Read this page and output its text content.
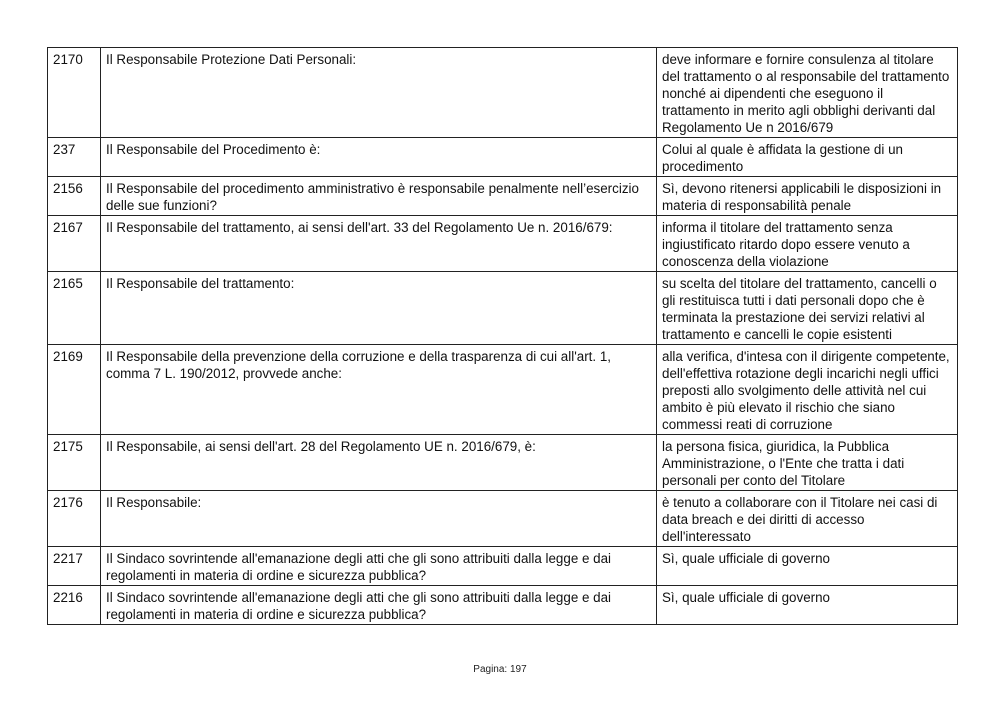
2170	Il Responsabile Protezione Dati Personali:	deve informare e fornire consulenza al titolare del trattamento o al responsabile del trattamento nonché ai dipendenti che eseguono il trattamento in merito agli obblighi derivanti dal Regolamento Ue n 2016/679
237	Il Responsabile del Procedimento è:	Colui al quale è affidata la gestione di un procedimento
2156	Il Responsabile del procedimento amministrativo è responsabile penalmente nell’esercizio delle sue funzioni?	Sì, devono ritenersi applicabili le disposizioni in materia di responsabilità penale
2167	Il Responsabile del trattamento, ai sensi dell'art. 33 del Regolamento Ue n. 2016/679:	informa il titolare del trattamento senza ingiustificato ritardo dopo essere venuto a conoscenza della violazione
2165	Il Responsabile del trattamento:	su scelta del titolare del trattamento, cancelli o gli restituisca tutti i dati personali dopo che è terminata la prestazione dei servizi relativi al trattamento e cancelli le copie esistenti
2169	Il Responsabile della prevenzione della corruzione e della trasparenza di cui all'art. 1, comma 7 L. 190/2012, provvede anche:	alla verifica, d'intesa con il dirigente competente, dell'effettiva rotazione degli incarichi negli uffici preposti allo svolgimento delle attività nel cui ambito è più elevato il rischio che siano commessi reati di corruzione
2175	Il Responsabile, ai sensi dell'art. 28 del Regolamento UE n. 2016/679, è:	la persona fisica, giuridica, la Pubblica Amministrazione, o l'Ente che tratta i dati personali per conto del Titolare
2176	Il Responsabile:	è tenuto a collaborare con il Titolare nei casi di data breach e dei diritti di accesso dell'interessato
2217	Il Sindaco sovrintende all'emanazione degli atti che gli sono attribuiti dalla legge e dai regolamenti in materia di ordine e sicurezza pubblica?	Sì, quale ufficiale di governo
2216	Il Sindaco sovrintende all'emanazione degli atti che gli sono attribuiti dalla legge e dai regolamenti in materia di ordine e sicurezza pubblica?	Sì, quale ufficiale di governo
Pagina: 197
